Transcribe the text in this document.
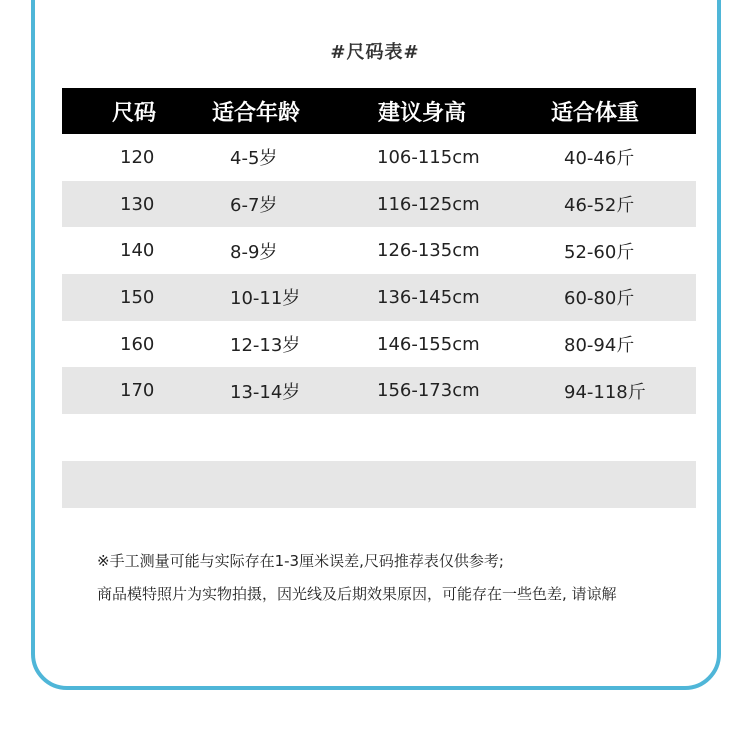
#尺码表#
尺码	适合年龄	建议身高	适合体重
120	4-5岁	106-115cm	40-46斤
130	6-7岁	116-125cm	46-52斤
140	8-9岁	126-135cm	52-60斤
150	10-11岁	136-145cm	60-80斤
160	12-13岁	146-155cm	80-94斤
170	13-14岁	156-173cm	94-118斤
※手工测量可能与实际存在1-3厘米误差,尺码推荐表仅供参考;
商品模特照片为实物拍摄，因光线及后期效果原因，可能存在一些色差, 请谅解
